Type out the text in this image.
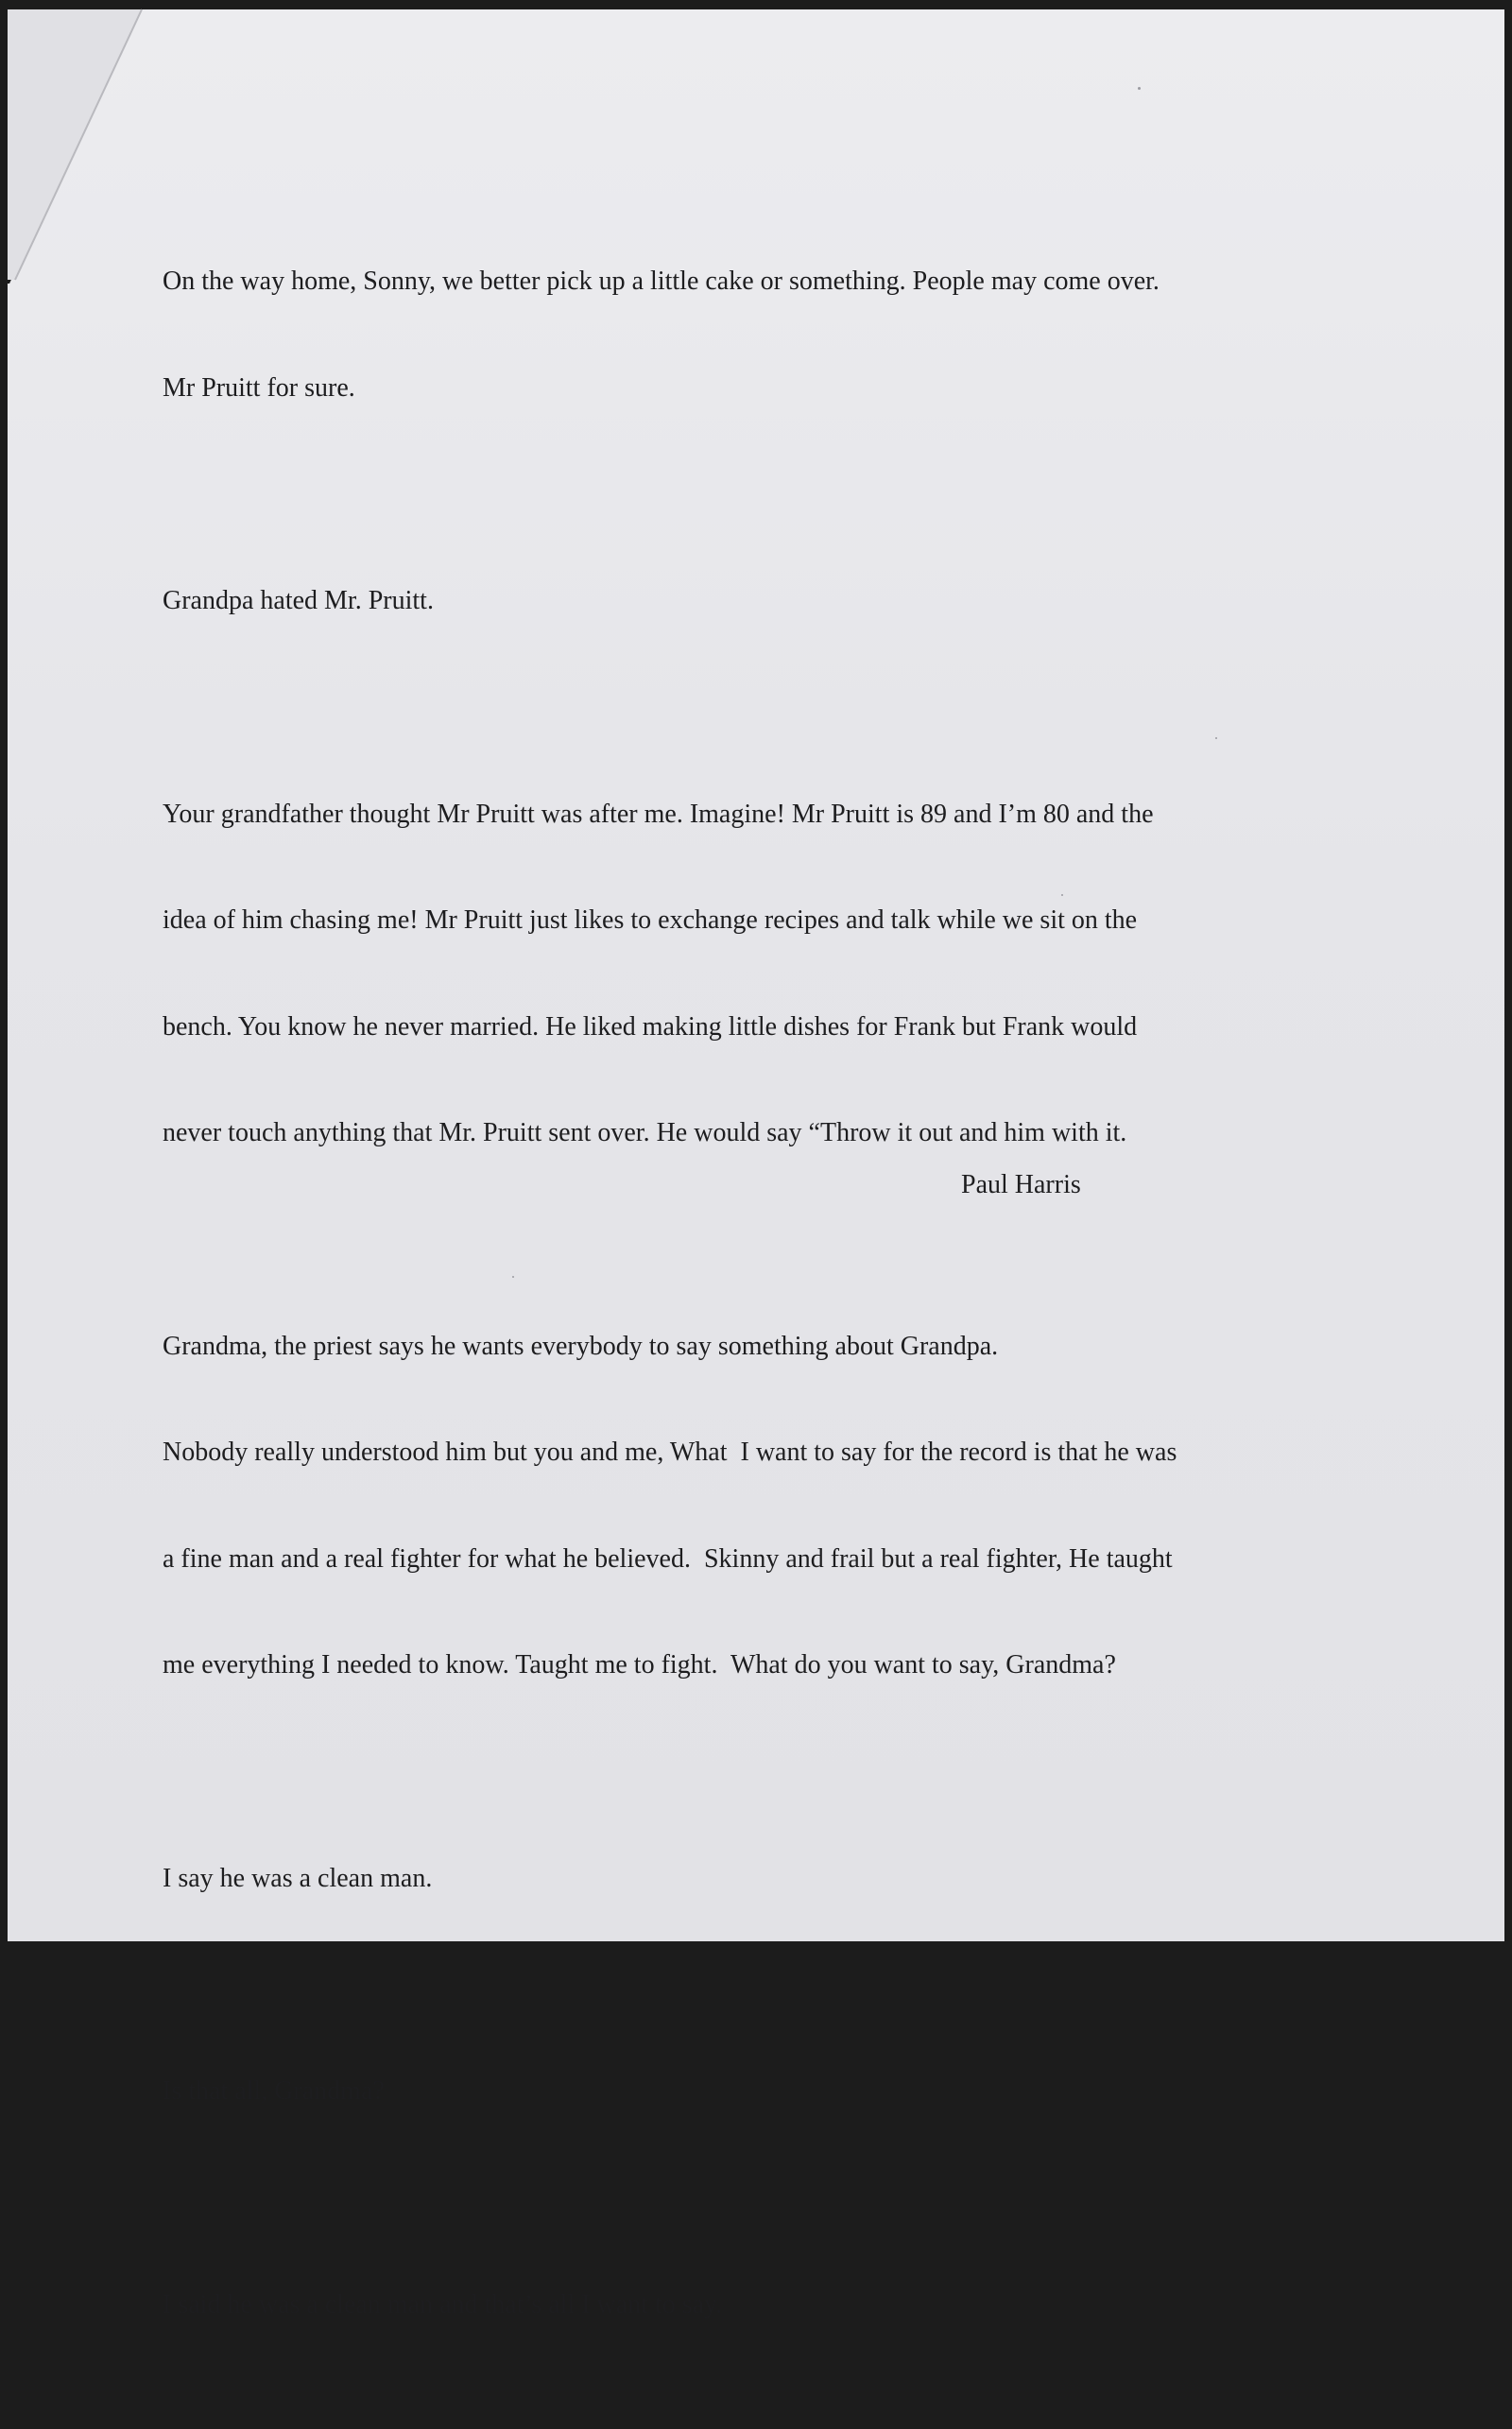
On the way home, Sonny, we better pick up a little cake or something. People may come over.

Mr Pruitt for sure.

Grandpa hated Mr. Pruitt.

Your grandfather thought Mr Pruitt was after me. Imagine! Mr Pruitt is 89 and I’m 80 and the

idea of him chasing me! Mr Pruitt just likes to exchange recipes and talk while we sit on the

bench. You know he never married. He liked making little dishes for Frank but Frank would

never touch anything that Mr. Pruitt sent over. He would say “Throw it out and him with it.

Grandma, the priest says he wants everybody to say something about Grandpa.

Nobody really understood him but you and me, What  I want to say for the record is that he was

a fine man and a real fighter for what he believed.  Skinny and frail but a real fighter, He taught

me everything I needed to know. Taught me to fight.  What do you want to say, Grandma?

I say he was a clean man.

Is that all, Grandma?

I said he was a clean man and that’s all I want to say.

Paul Harris
